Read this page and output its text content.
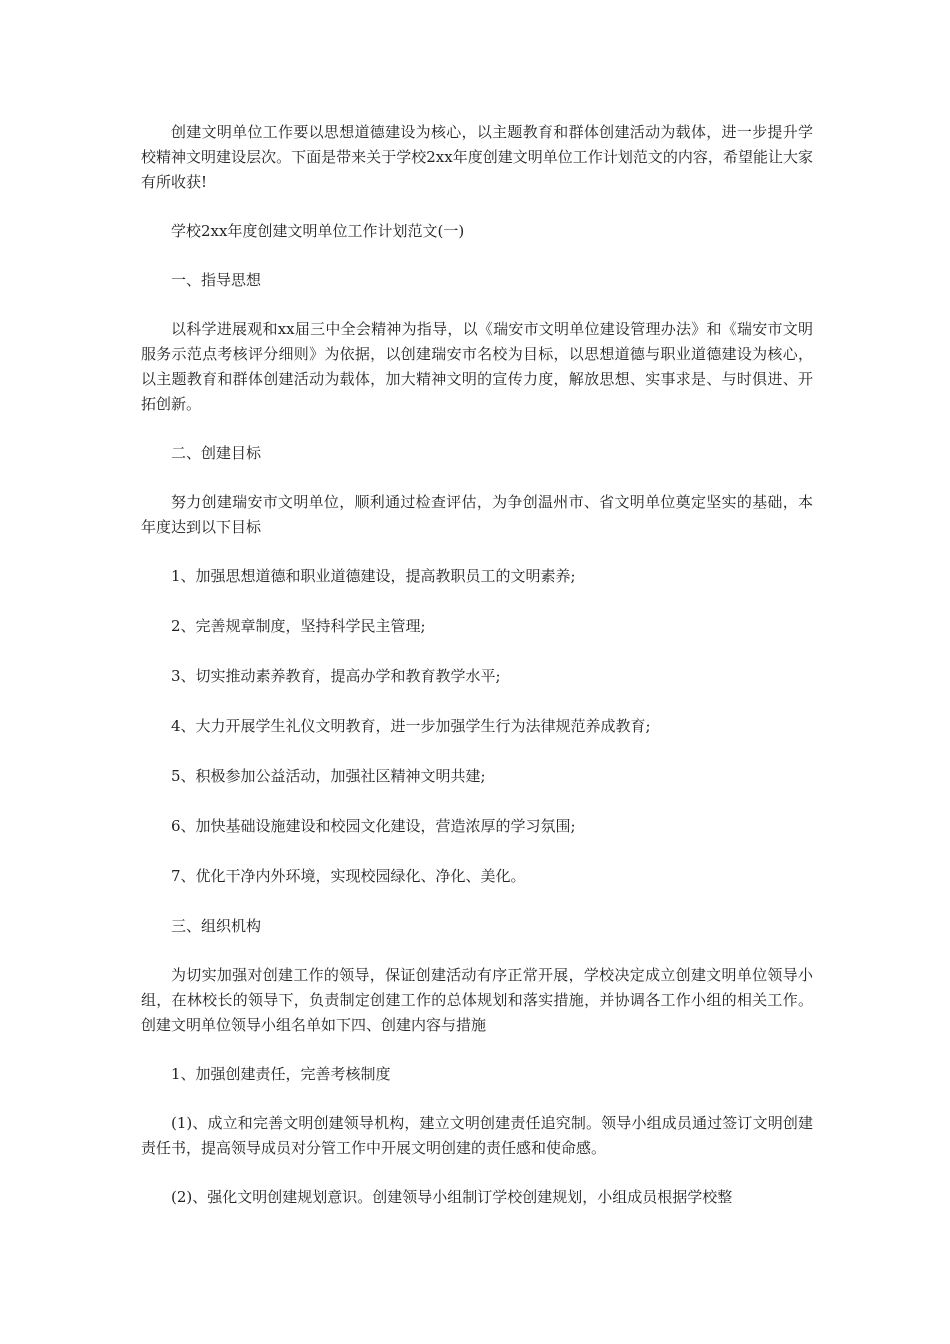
创建文明单位工作要以思想道德建设为核心，以主题教育和群体创建活动为载体，进一步提升学校精神文明建设层次。下面是带来关于学校2xx年度创建文明单位工作计划范文的内容，希望能让大家有所收获!

学校2xx年度创建文明单位工作计划范文(一)

一、指导思想

以科学进展观和xx届三中全会精神为指导，以《瑞安市文明单位建设管理办法》和《瑞安市文明服务示范点考核评分细则》为依据，以创建瑞安市名校为目标，以思想道德与职业道德建设为核心，以主题教育和群体创建活动为载体，加大精神文明的宣传力度，解放思想、实事求是、与时俱进、开拓创新。

二、创建目标

努力创建瑞安市文明单位，顺利通过检查评估，为争创温州市、省文明单位奠定坚实的基础，本年度达到以下目标

1、加强思想道德和职业道德建设，提高教职员工的文明素养;

2、完善规章制度，坚持科学民主管理;

3、切实推动素养教育，提高办学和教育教学水平;

4、大力开展学生礼仪文明教育，进一步加强学生行为法律规范养成教育;

5、积极参加公益活动，加强社区精神文明共建;

6、加快基础设施建设和校园文化建设，营造浓厚的学习氛围;

7、优化干净内外环境，实现校园绿化、净化、美化。

三、组织机构

为切实加强对创建工作的领导，保证创建活动有序正常开展，学校决定成立创建文明单位领导小组，在林校长的领导下，负责制定创建工作的总体规划和落实措施，并协调各工作小组的相关工作。创建文明单位领导小组名单如下四、创建内容与措施

1、加强创建责任，完善考核制度

(1)、成立和完善文明创建领导机构，建立文明创建责任追究制。领导小组成员通过签订文明创建责任书，提高领导成员对分管工作中开展文明创建的责任感和使命感。

(2)、强化文明创建规划意识。创建领导小组制订学校创建规划，小组成员根据学校整
